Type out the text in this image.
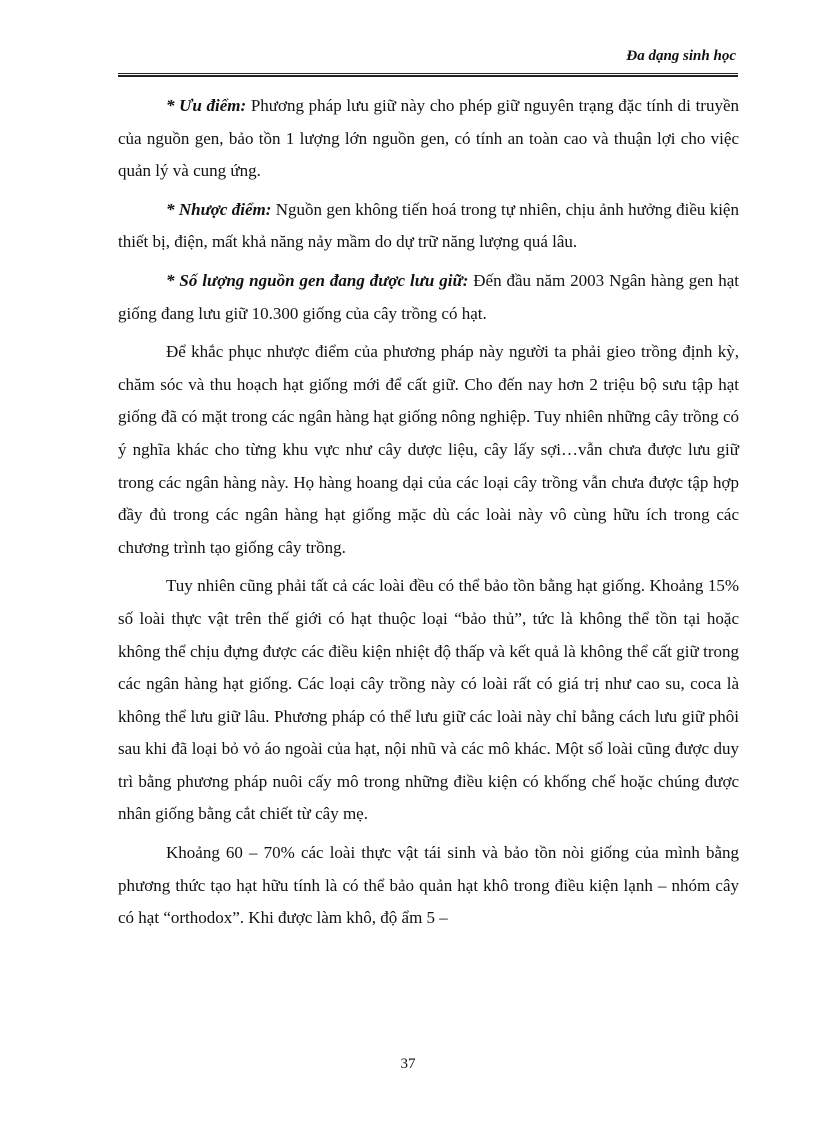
Đa dạng sinh học

* Ưu điểm: Phương pháp lưu giữ này cho phép giữ nguyên trạng đặc tính di truyền của nguồn gen, bảo tồn 1 lượng lớn nguồn gen, có tính an toàn cao và thuận lợi cho việc quản lý và cung ứng.

* Nhược điểm: Nguồn gen không tiến hoá trong tự nhiên, chịu ảnh hưởng điều kiện thiết bị, điện, mất khả năng nảy mầm do dự trữ năng lượng quá lâu.

* Số lượng nguồn gen đang được lưu giữ: Đến đầu năm 2003 Ngân hàng gen hạt giống đang lưu giữ 10.300 giống của cây trồng có hạt.

Để khắc phục nhược điểm của phương pháp này người ta phải gieo trồng định kỳ, chăm sóc và thu hoạch hạt giống mới để cất giữ. Cho đến nay hơn 2 triệu bộ sưu tập hạt giống đã có mặt trong các ngân hàng hạt giống nông nghiệp. Tuy nhiên những cây trồng có ý nghĩa khác cho từng khu vực như cây dược liệu, cây lấy sợi…vẫn chưa được lưu giữ trong các ngân hàng này. Họ hàng hoang dại của các loại cây trồng vẫn chưa được tập hợp đầy đủ trong các ngân hàng hạt giống mặc dù các loài này vô cùng hữu ích trong các chương trình tạo giống cây trồng.

Tuy nhiên cũng phải tất cả các loài đều có thể bảo tồn bằng hạt giống. Khoảng 15% số loài thực vật trên thế giới có hạt thuộc loại “bảo thủ”, tức là không thể tồn tại hoặc không thể chịu đựng được các điều kiện nhiệt độ thấp và kết quả là không thể cất giữ trong các ngân hàng hạt giống. Các loại cây trồng này có loài rất có giá trị như cao su, coca là không thể lưu giữ lâu. Phương pháp có thể lưu giữ các loài này chỉ bằng cách lưu giữ phôi sau khi đã loại bỏ vỏ áo ngoài của hạt, nội nhũ và các mô khác. Một số loài cũng được duy trì bằng phương pháp nuôi cấy mô trong những điều kiện có khống chế hoặc chúng được nhân giống bằng cắt chiết từ cây mẹ.

Khoảng 60 – 70% các loài thực vật tái sinh và bảo tồn nòi giống của mình bằng phương thức tạo hạt hữu tính là có thể bảo quản hạt khô trong điều kiện lạnh – nhóm cây có hạt “orthodox”. Khi được làm khô, độ ẩm 5 –

37
